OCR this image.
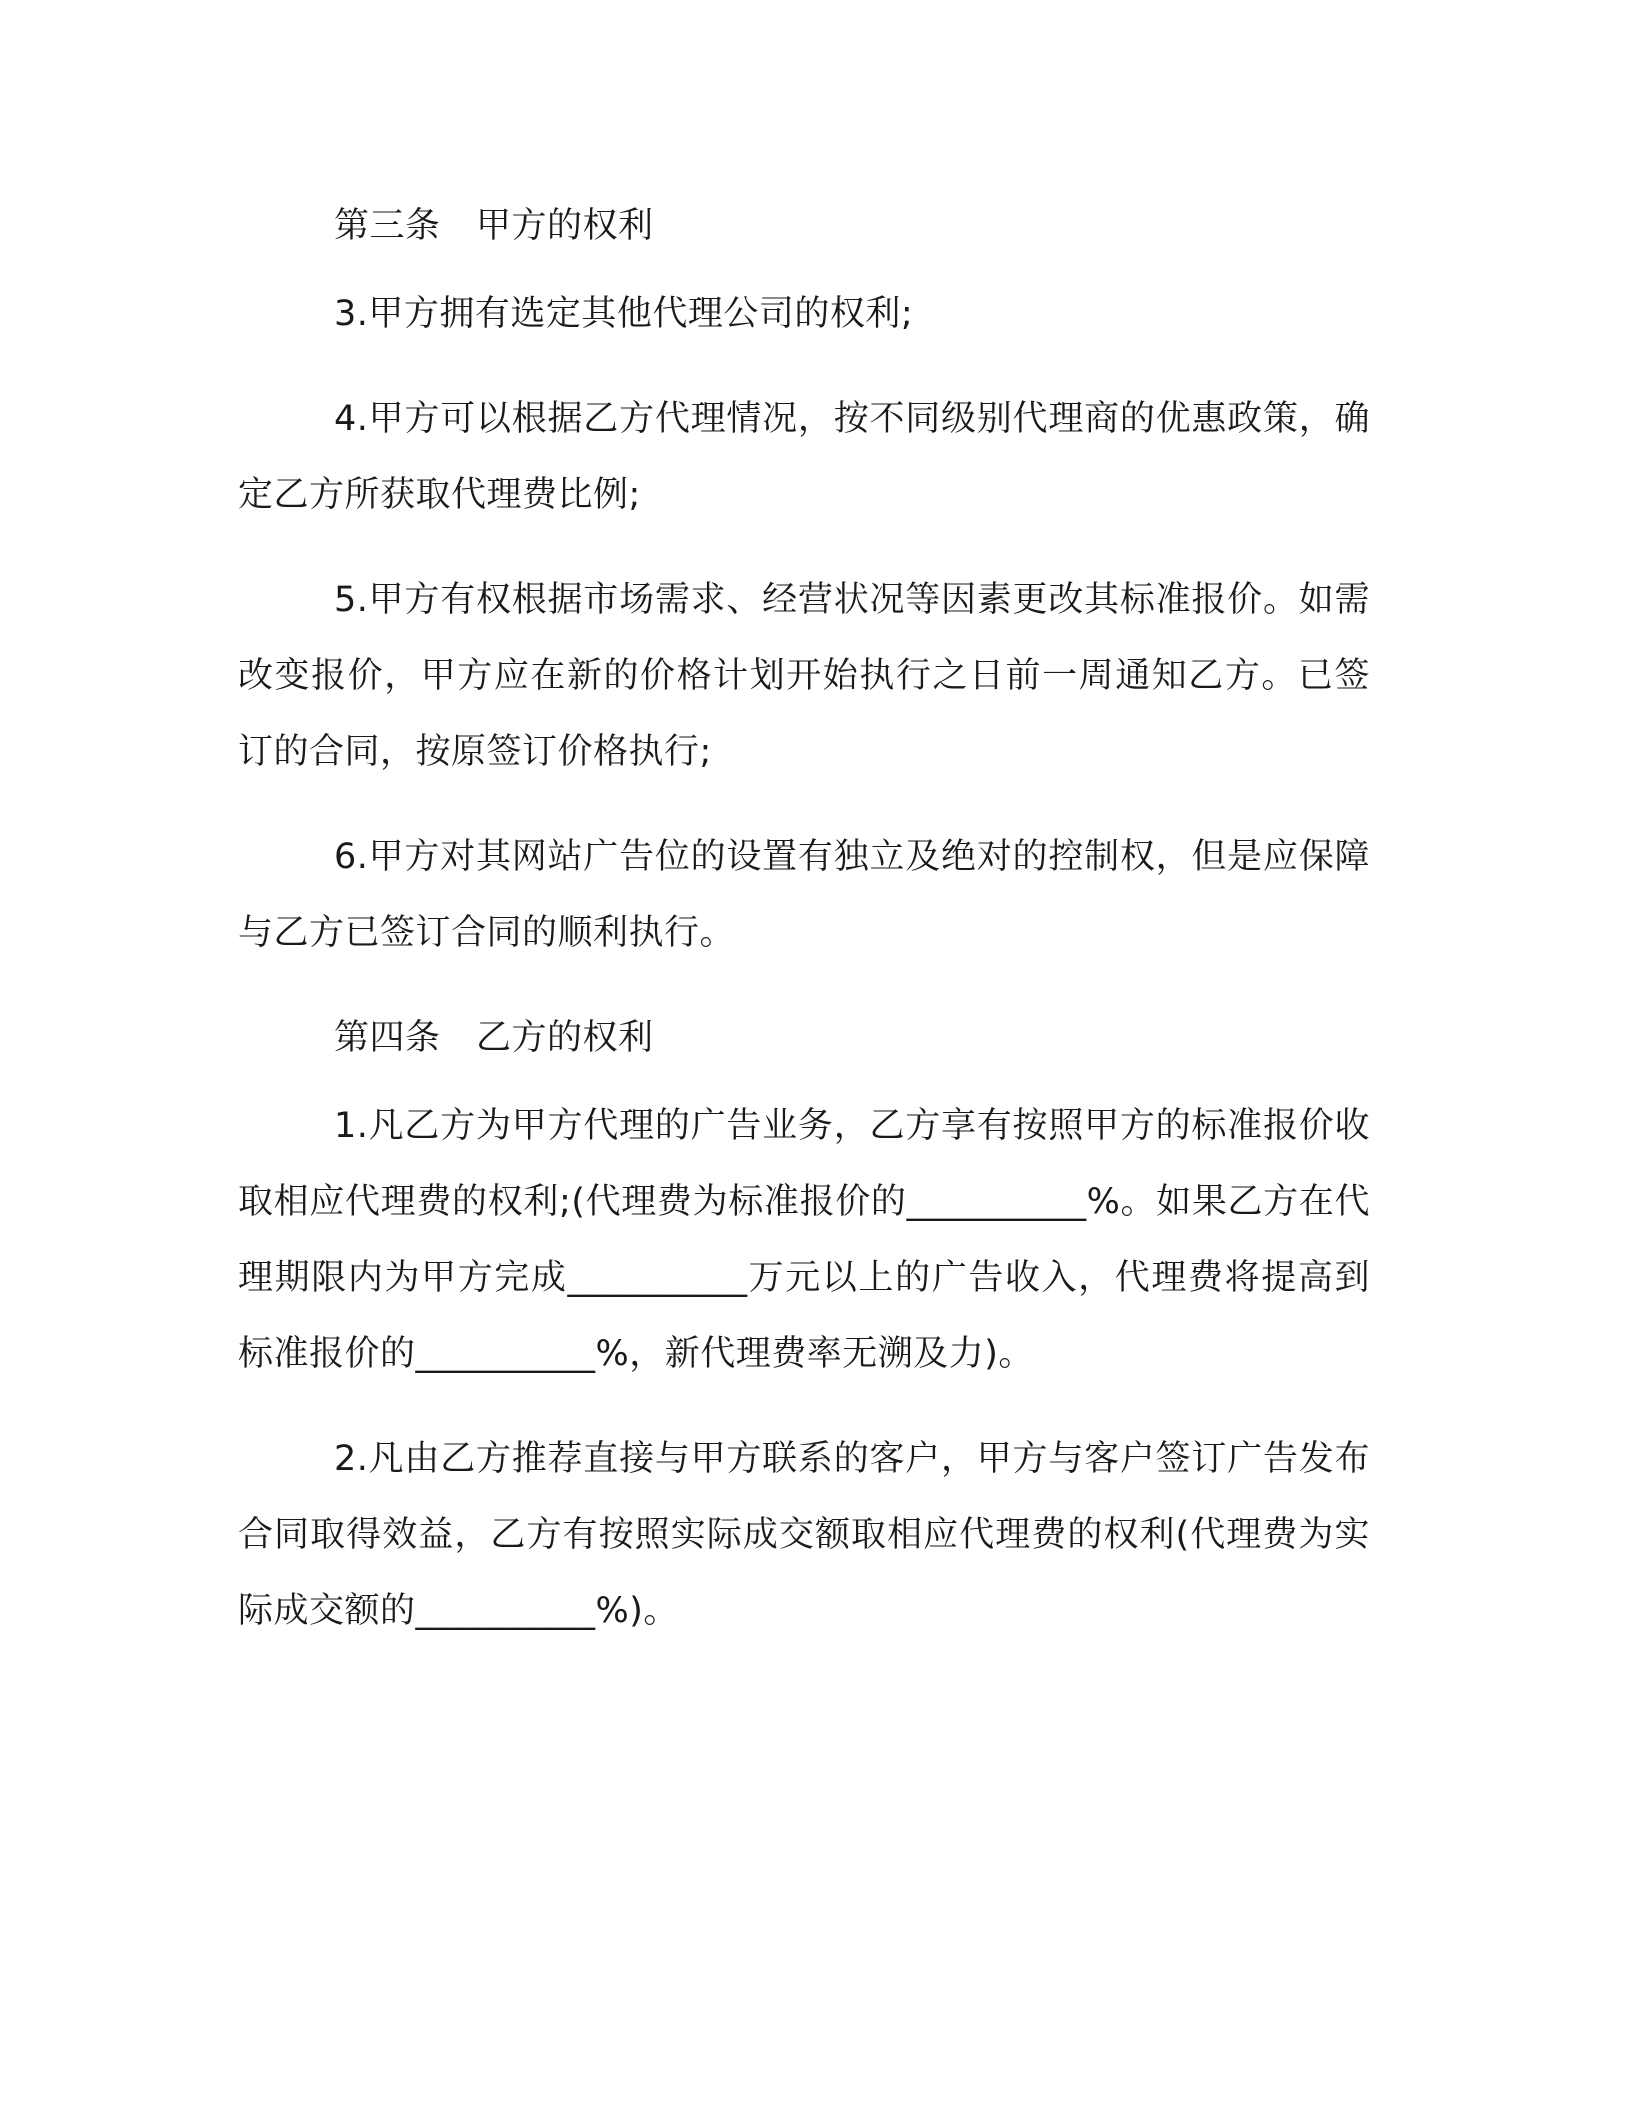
第三条　甲方的权利

3.甲方拥有选定其他代理公司的权利;

4.甲方可以根据乙方代理情况，按不同级别代理商的优惠政策，确定乙方所获取代理费比例;

5.甲方有权根据市场需求、经营状况等因素更改其标准报价。如需改变报价，甲方应在新的价格计划开始执行之日前一周通知乙方。已签订的合同，按原签订价格执行;

6.甲方对其网站广告位的设置有独立及绝对的控制权，但是应保障与乙方已签订合同的顺利执行。

第四条　乙方的权利

1.凡乙方为甲方代理的广告业务，乙方享有按照甲方的标准报价收取相应代理费的权利;(代理费为标准报价的__________%。如果乙方在代理期限内为甲方完成__________万元以上的广告收入，代理费将提高到标准报价的__________%，新代理费率无溯及力)。

2.凡由乙方推荐直接与甲方联系的客户，甲方与客户签订广告发布合同取得效益，乙方有按照实际成交额取相应代理费的权利(代理费为实际成交额的__________%)。
